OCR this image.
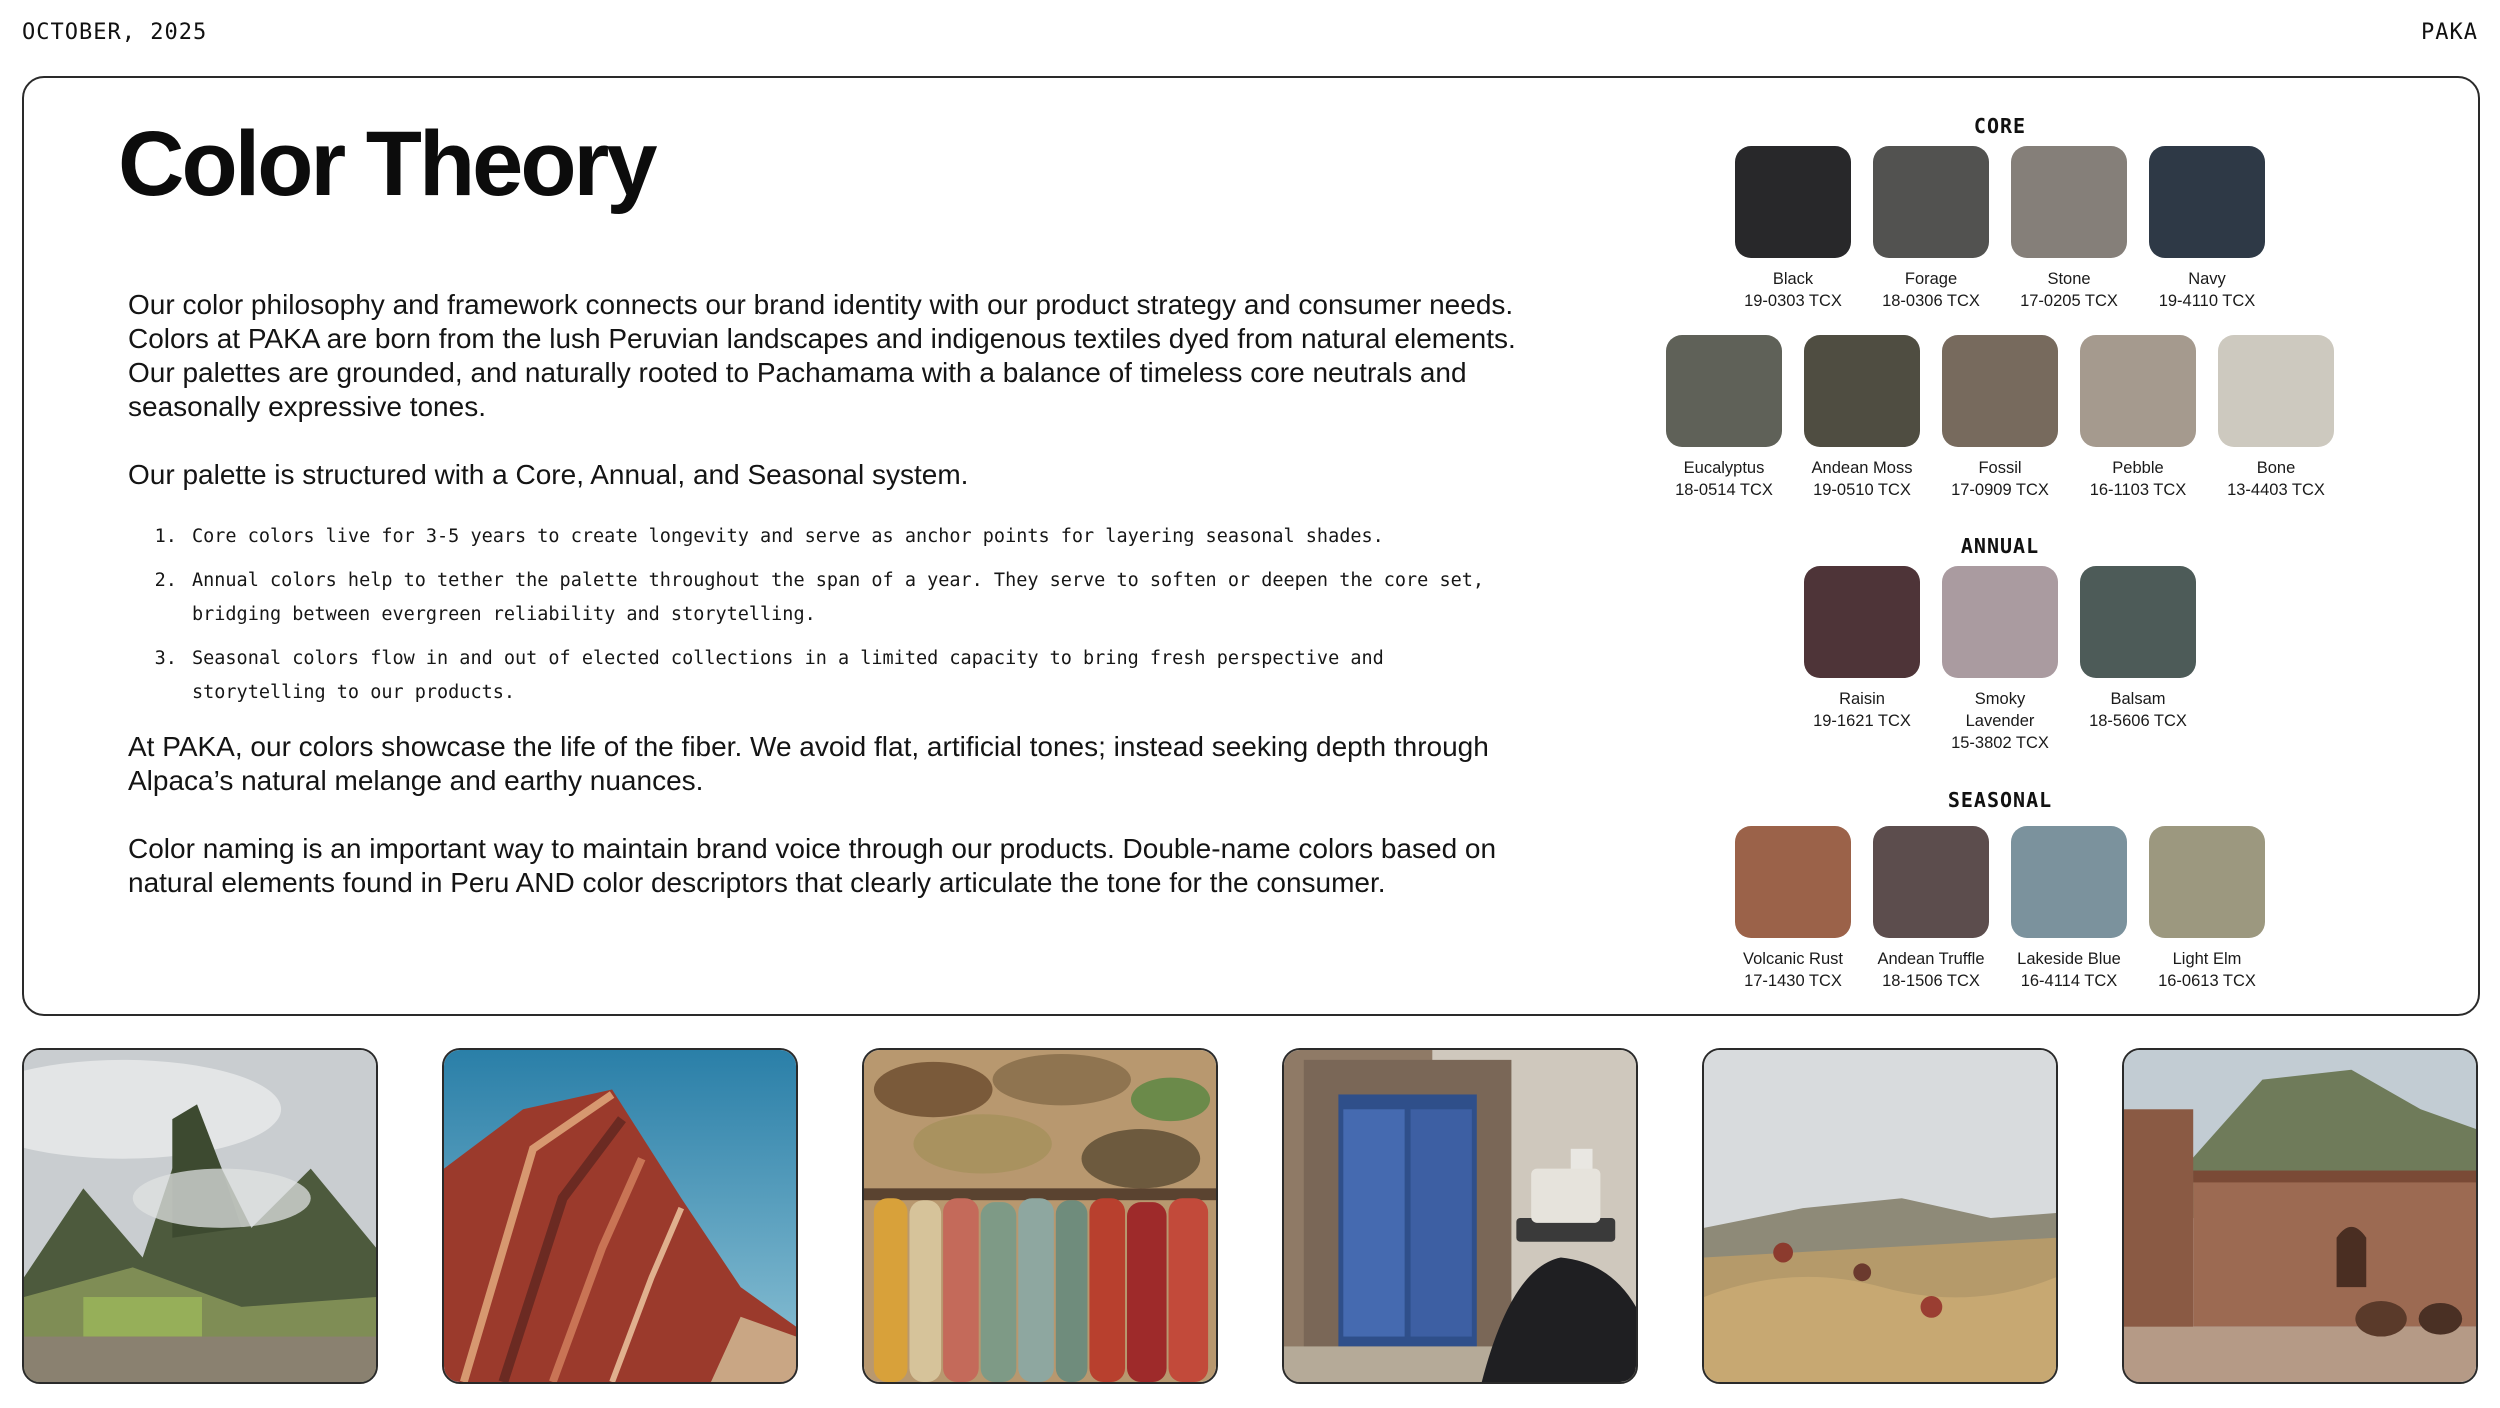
OCTOBER, 2025	PAKA
Color Theory

Our color philosophy and framework connects our brand identity with our product strategy and consumer needs. Colors at PAKA are born from the lush Peruvian landscapes and indigenous textiles dyed from natural elements. Our palettes are grounded, and naturally rooted to Pachamama with a balance of timeless core neutrals and seasonally expressive tones.

Our palette is structured with a Core, Annual, and Seasonal system.

1. Core colors live for 3-5 years to create longevity and serve as anchor points for layering seasonal shades.
2. Annual colors help to tether the palette throughout the span of a year. They serve to soften or deepen the core set, bridging between evergreen reliability and storytelling.
3. Seasonal colors flow in and out of elected collections in a limited capacity to bring fresh perspective and storytelling to our products.

At PAKA, our colors showcase the life of the fiber. We avoid flat, artificial tones; instead seeking depth through Alpaca’s natural melange and earthy nuances.

Color naming is an important way to maintain brand voice through our products. Double-name colors based on natural elements found in Peru AND color descriptors that clearly articulate the tone for the consumer.

CORE
Black
19-0303 TCX
Forage
18-0306 TCX
Stone
17-0205 TCX
Navy
19-4110 TCX
Eucalyptus
18-0514 TCX
Andean Moss
19-0510 TCX
Fossil
17-0909 TCX
Pebble
16-1103 TCX
Bone
13-4403 TCX
ANNUAL
Raisin
19-1621 TCX
Smoky Lavender
15-3802 TCX
Balsam
18-5606 TCX
SEASONAL
Volcanic Rust
17-1430 TCX
Andean Truffle
18-1506 TCX
Lakeside Blue
16-4114 TCX
Light Elm
16-0613 TCX
